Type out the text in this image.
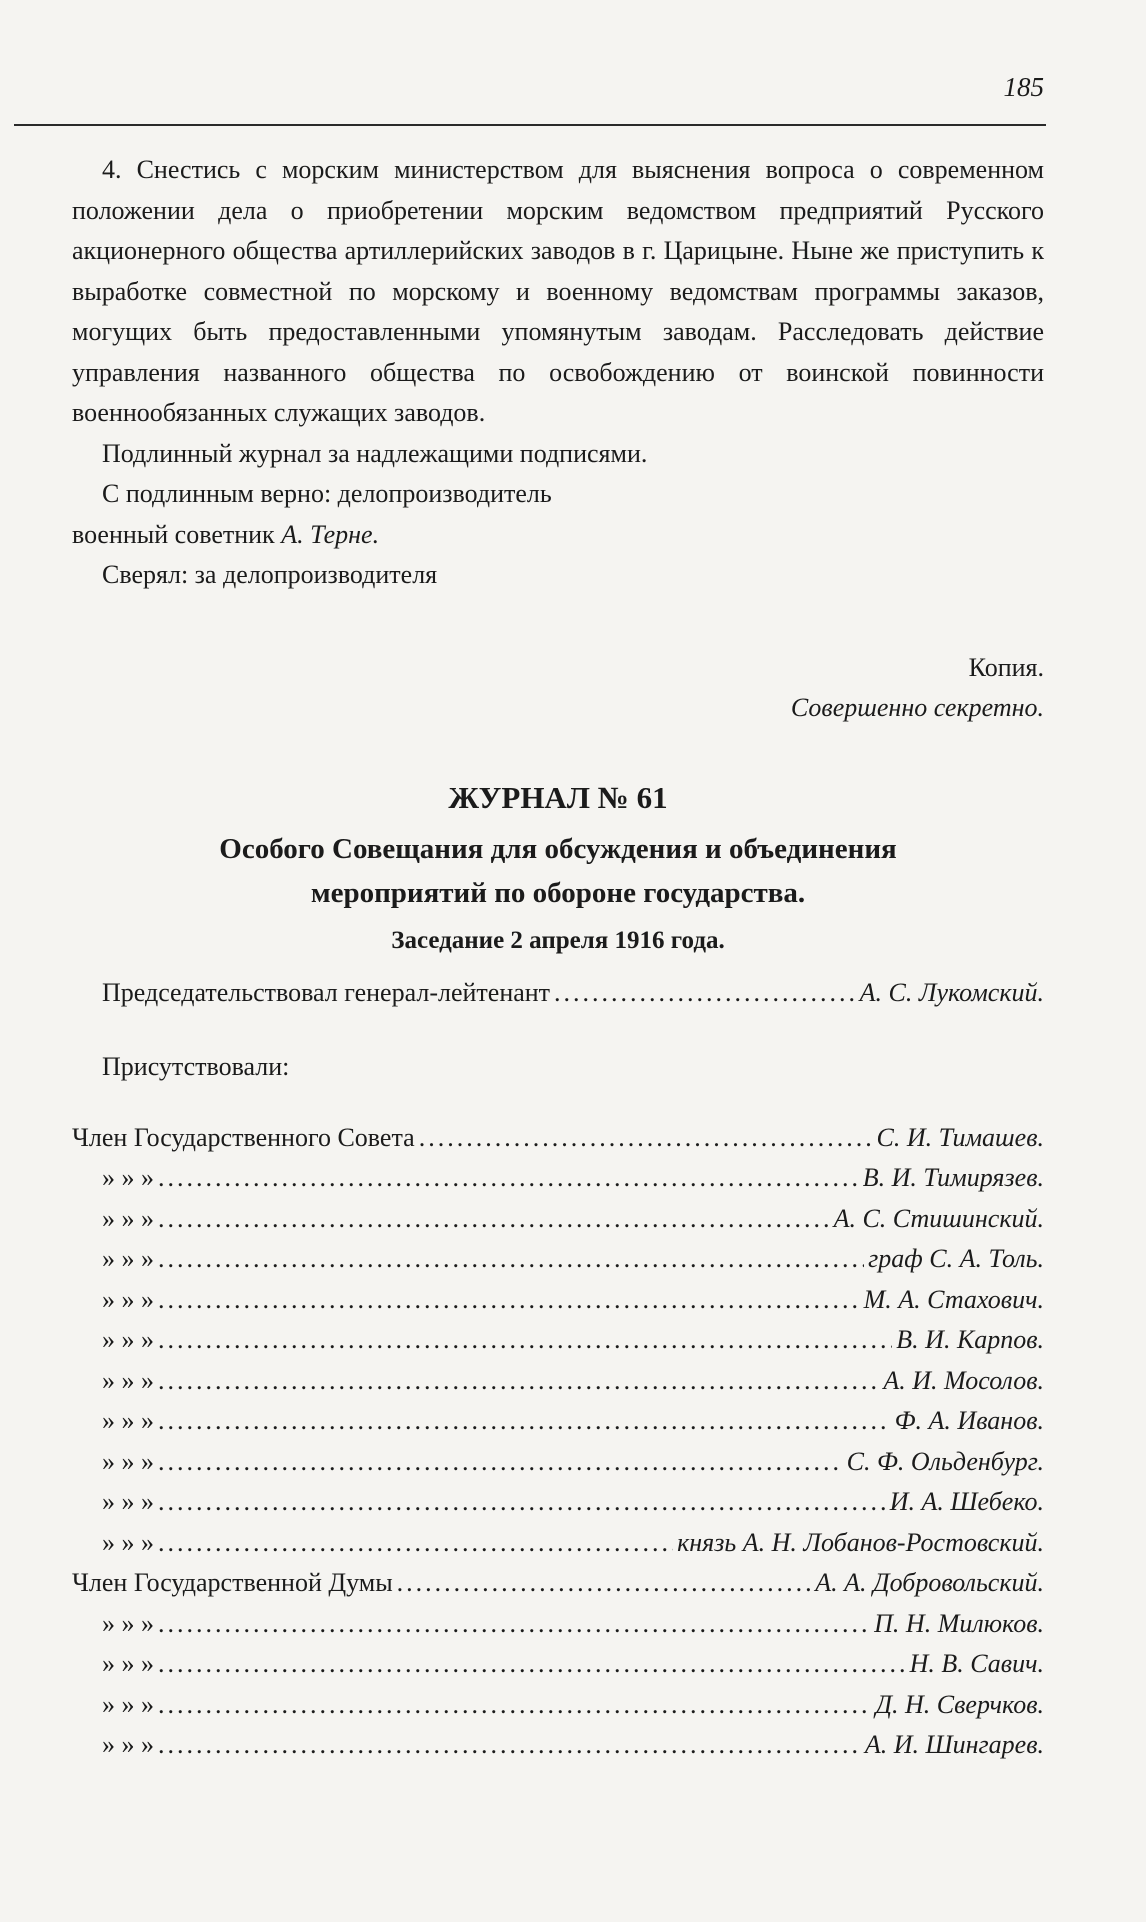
185

4. Снестись с морским министерством для выяснения вопроса о современном положении дела о приобретении морским ведомством предприятий Русского акционерного общества артиллерийских заводов в г. Царицыне. Ныне же приступить к выработке совместной по морскому и военному ведомствам программы заказов, могущих быть предоставленными упомянутым заводам. Расследовать действие управления названного общества по освобождению от воинской повинности военнообязанных служащих заводов.

Подлинный журнал за надлежащими подписями.

С подлинным верно: делопроизводитель

военный советник А. Терне.

Сверял: за делопроизводителя

Копия.

Совершенно секретно.

ЖУРНАЛ № 61

Особого Совещания для обсуждения и объединения

мероприятий по обороне государства.

Заседание 2 апреля 1916 года.

Председательствовал генерал-лейтенант .....	А. С. Лукомский.

Присутствовали:

Член Государственного Совета .....	С. И. Тимашев.
» » » .....	В. И. Тимирязев.
» » » .....	А. С. Стишинский.
» » » .....	граф С. А. Толь.
» » » .....	М. А. Стахович.
» » » .....	В. И. Карпов.
» » » .....	А. И. Мосолов.
» » » .....	Ф. А. Иванов.
» » » .....	С. Ф. Ольденбург.
» » » .....	И. А. Шебеко.
» » » .....	князь А. Н. Лобанов-Ростовский.
Член Государственной Думы .....	А. А. Добровольский.
» » » .....	П. Н. Милюков.
» » » .....	Н. В. Савич.
» » » .....	Д. Н. Сверчков.
» » » .....	А. И. Шингарев.
